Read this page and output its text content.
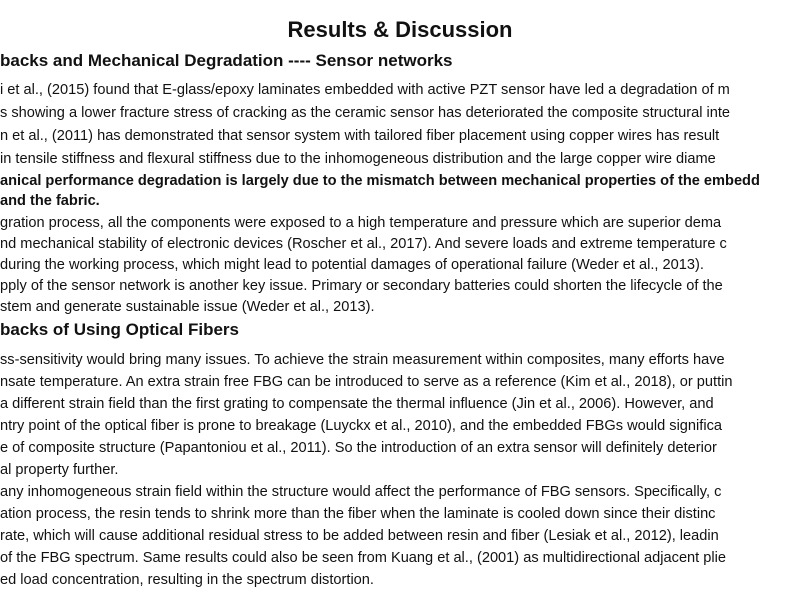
Results & Discussion
backs and Mechanical Degradation ---- Sensor networks
i et al., (2015) found that E-glass/epoxy laminates embedded with active PZT sensor have led a degradation of m
s showing a lower fracture stress of cracking as the ceramic sensor has deteriorated the composite structural inte
n et al., (2011) has demonstrated that sensor system with tailored fiber placement using copper wires has result
in tensile stiffness and flexural stiffness due to the inhomogeneous distribution and the large copper wire diame
anical performance degradation is largely due to the mismatch between mechanical properties of the embedd
and the fabric.
gration process, all the components were exposed to a high temperature and pressure which are superior dema
nd mechanical stability of electronic devices (Roscher et al., 2017). And severe loads and extreme temperature c
during the working process, which might lead to potential damages of operational failure (Weder et al., 2013).
pply of the sensor network is another key issue. Primary or secondary batteries could shorten the lifecycle of the
stem and generate sustainable issue (Weder et al., 2013).
backs of Using Optical Fibers
ss-sensitivity would bring many issues. To achieve the strain measurement within composites, many efforts have
nsate temperature. An extra strain free FBG can be introduced to serve as a reference (Kim et al., 2018), or puttin
a different strain field than the first grating to compensate the thermal influence (Jin et al., 2006). However, and
ntry point of the optical fiber is prone to breakage (Luyckx et al., 2010), and the embedded FBGs would significa
e of composite structure (Papantoniou et al., 2011). So the introduction of an extra sensor will definitely deterior
al property further.
any inhomogeneous strain field within the structure would affect the performance of FBG sensors. Specifically, c
ation process, the resin tends to shrink more than the fiber when the laminate is cooled down since their distinc
rate, which will cause additional residual stress to be added between resin and fiber (Lesiak et al., 2012), leadin
of the FBG spectrum. Same results could also be seen from Kuang et al., (2001) as multidirectional adjacent plie
ed load concentration, resulting in the spectrum distortion.
